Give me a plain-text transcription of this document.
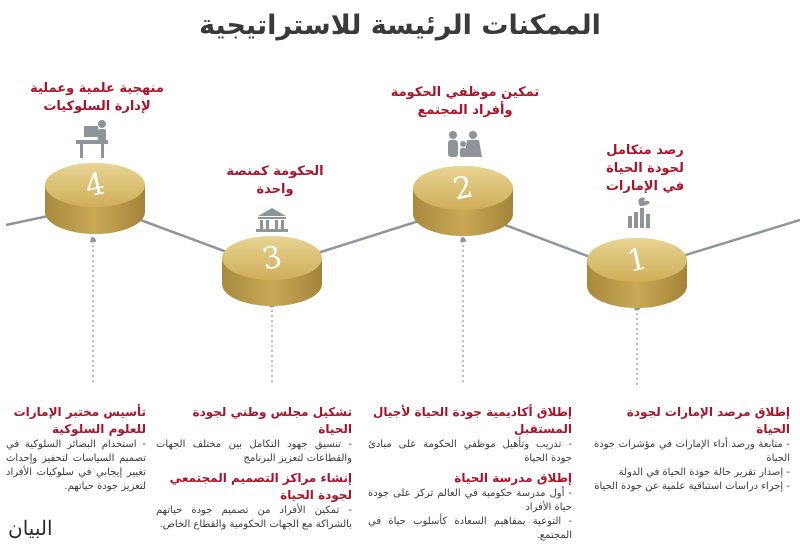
الممكنات الرئيسة للاستراتيجية
4
3
2
1
منهجية علمية وعملية
لإدارة السلوكيات
الحكومة كمنصة
واحدة
تمكين موظفي الحكومة
وأفراد المجتمع
رصد متكامل
لجودة الحياة
في الإمارات
إطلاق مرصد الإمارات لجودة الحياة
- متابعة ورصد أداء الإمارات في مؤشرات جودة الحياة
- إصدار تقرير حالة جودة الحياة في الدولة
- إجراء دراسات استباقية علمية عن جودة الحياة
إطلاق أكاديمية جودة الحياة لأجيال المستقبل
- تدريب وتأهيل موظفي الحكومة على مبادئ جودة الحياة
إطلاق مدرسة الحياة
- أول مدرسة حكومية في العالم تركز على جودة حياة الأفراد
- التوعية بمفاهيم السعادة كأسلوب حياة في المجتمع.
تشكيل مجلس وطني لجودة الحياة
- تنسيق جهود التكامل بين مختلف الجهات والقطاعات لتعزيز البرنامج
إنشاء مراكز التصميم المجتمعي لجودة الحياة
- تمكين الأفراد من تصميم جودة حياتهم بالشراكة مع الجهات الحكومية والقطاع الخاص.
تأسيس مختبر الإمارات للعلوم السلوكية
- استخدام البصائر السلوكية في تصميم السياسات لتحفيز وإحداث تغيير إيجابي في سلوكيات الأفراد لتعزيز جودة حياتهم.
البيان
